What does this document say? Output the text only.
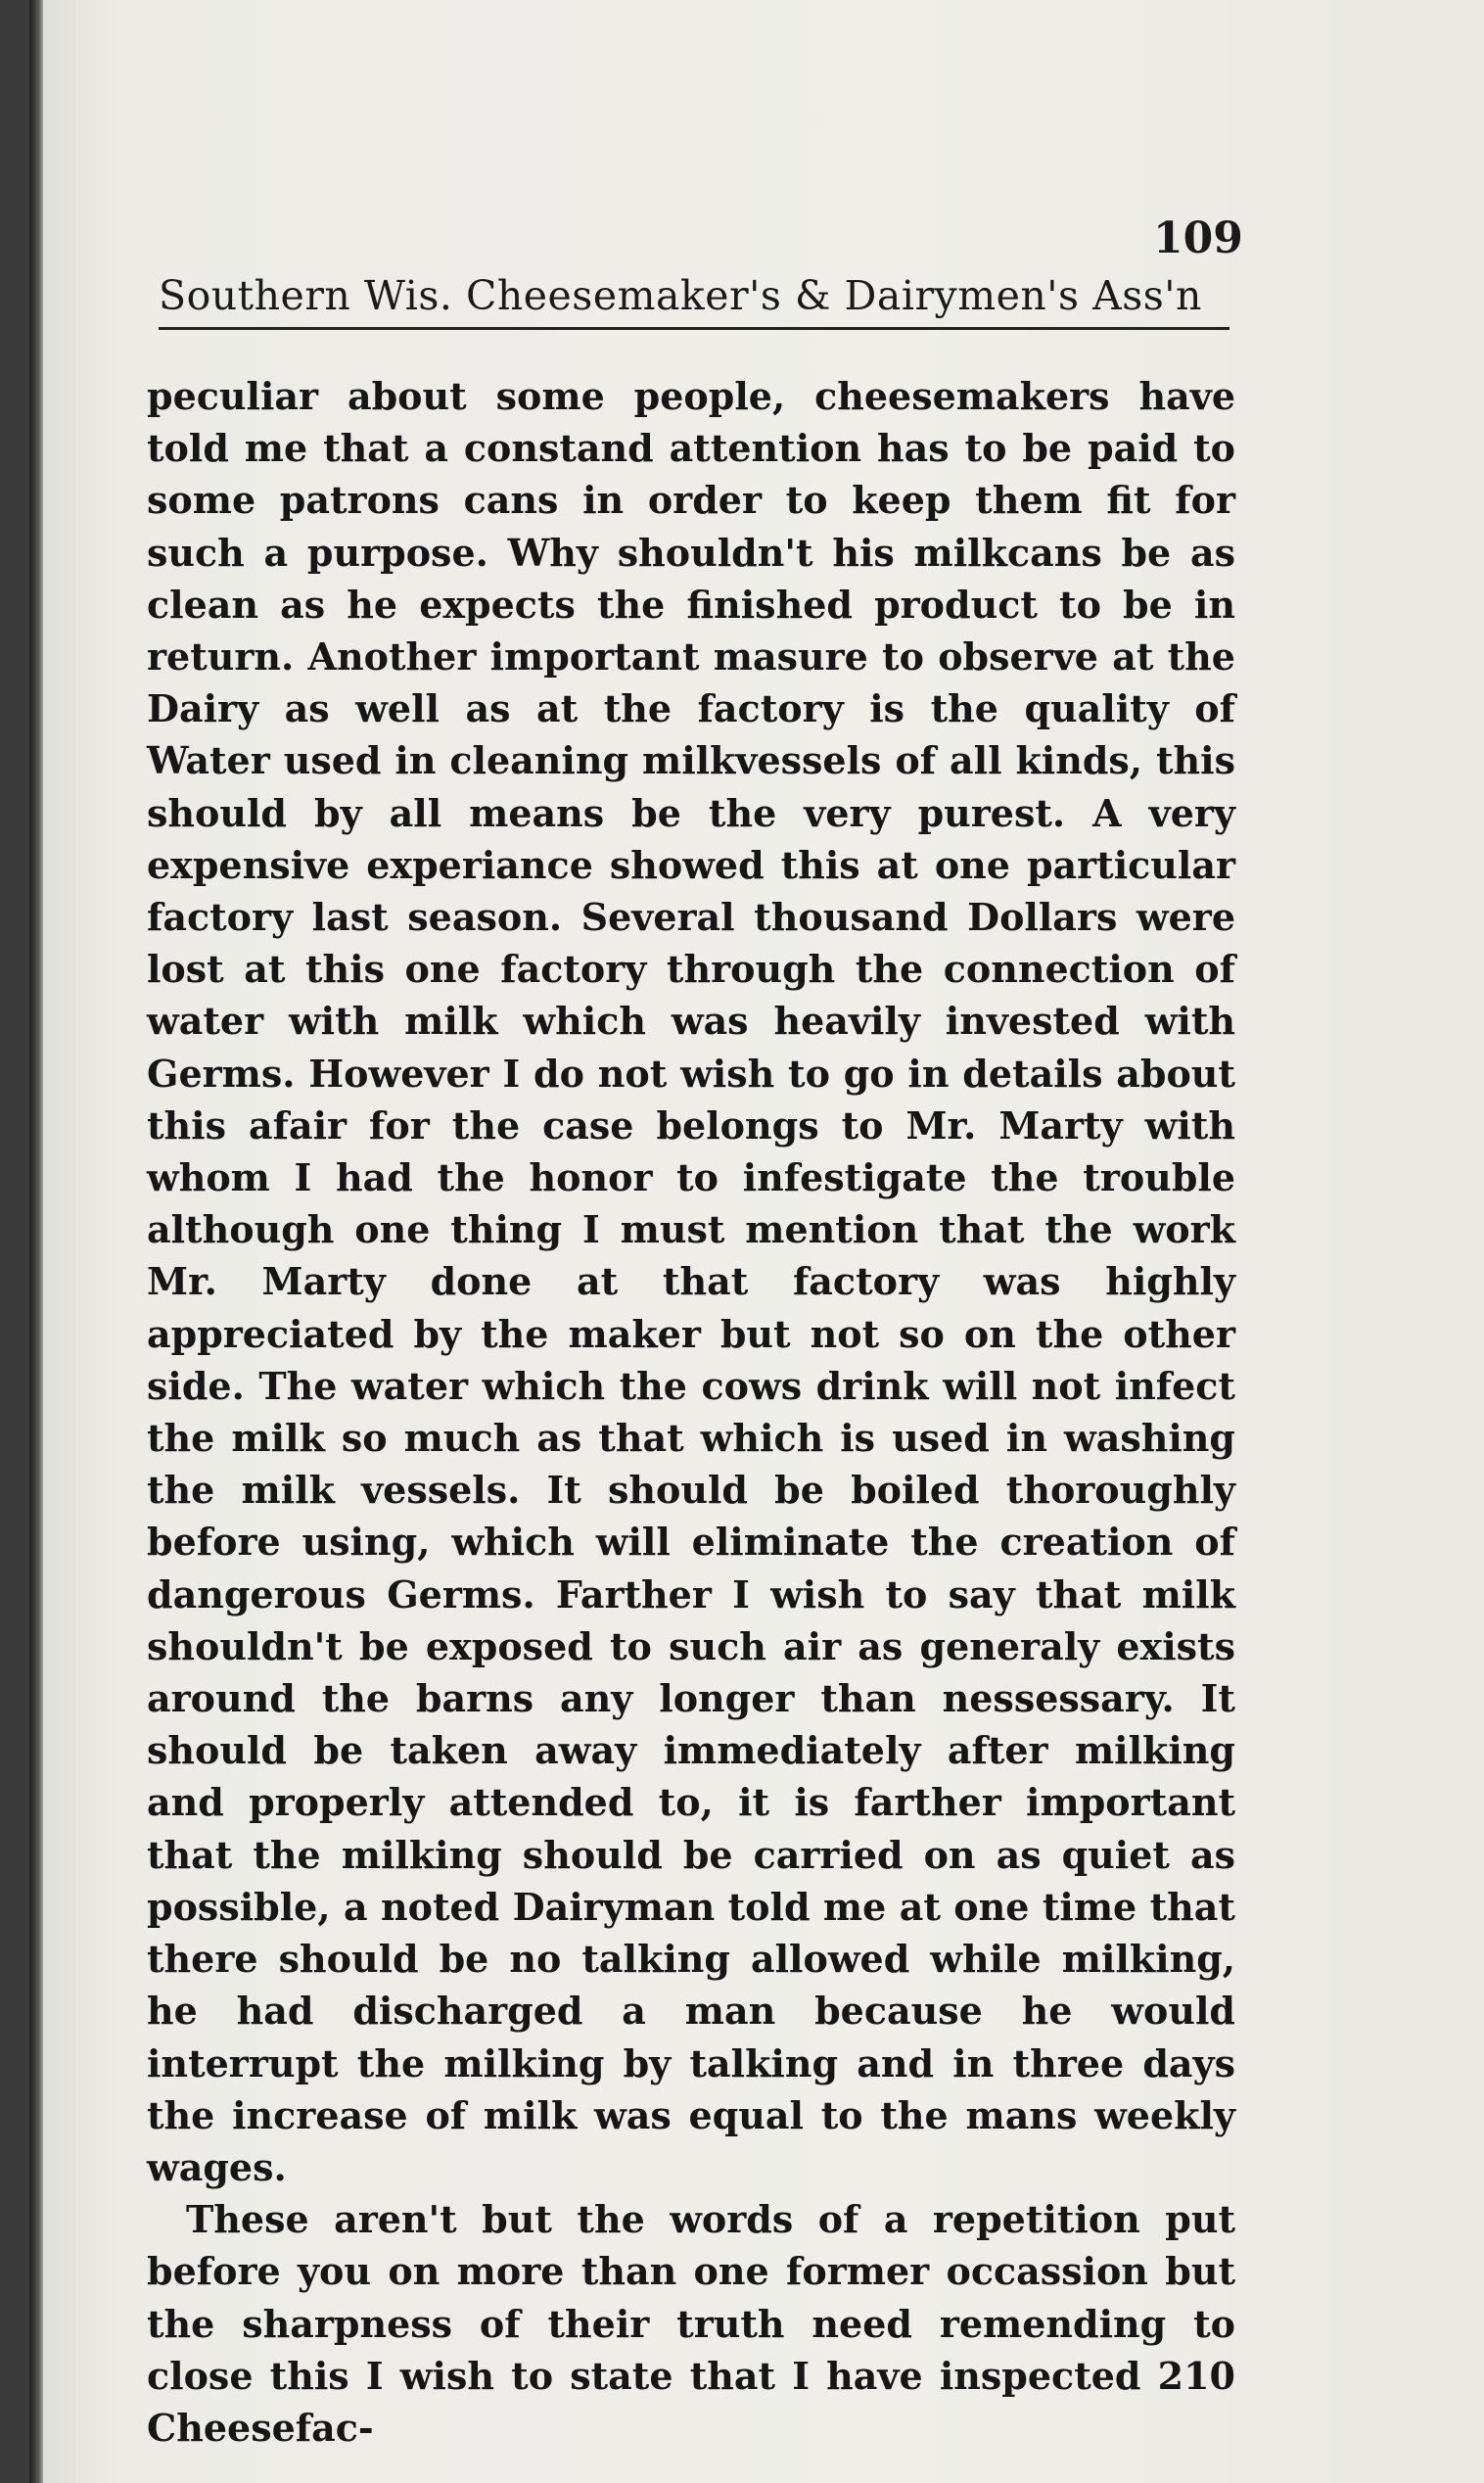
109
Southern Wis. Cheesemaker's & Dairymen's Ass'n

peculiar about some people, cheesemakers have told me that a constand attention has to be paid to some patrons cans in order to keep them fit for such a purpose. Why shouldn't his milkcans be as clean as he expects the finished product to be in return. Another important masure to observe at the Dairy as well as at the factory is the quality of Water used in cleaning milkvessels of all kinds, this should by all means be the very purest. A very expensive experiance showed this at one particular factory last season. Several thousand Dollars were lost at this one factory through the connection of water with milk which was heavily invested with Germs. However I do not wish to go in details about this afair for the case belongs to Mr. Marty with whom I had the honor to infestigate the trouble although one thing I must mention that the work Mr. Marty done at that factory was highly appreciated by the maker but not so on the other side. The water which the cows drink will not infect the milk so much as that which is used in washing the milk vessels. It should be boiled thoroughly before using, which will eliminate the creation of dangerous Germs. Farther I wish to say that milk shouldn't be exposed to such air as generaly exists around the barns any longer than nessessary. It should be taken away immediately after milking and properly attended to, it is farther important that the milking should be carried on as quiet as possible, a noted Dairyman told me at one time that there should be no talking allowed while milking, he had discharged a man because he would interrupt the milking by talking and in three days the increase of milk was equal to the mans weekly wages.

These aren't but the words of a repetition put before you on more than one former occassion but the sharpness of their truth need remending to close this I wish to state that I have inspected 210 Cheesefac-
